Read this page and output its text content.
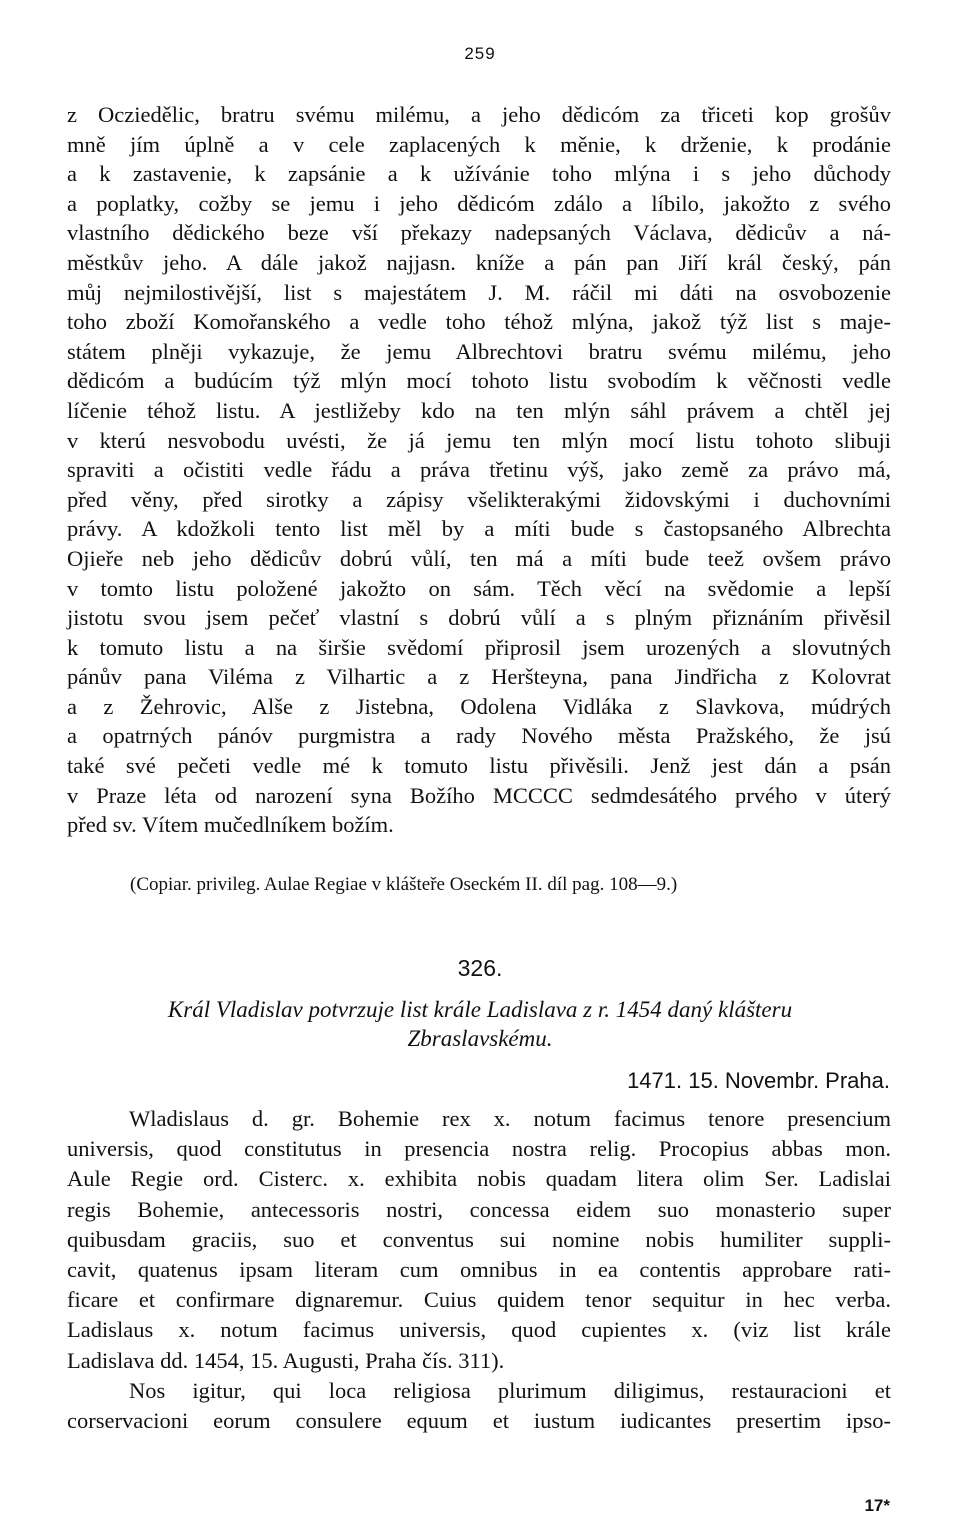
259
z Ocziedělic, bratru svému milému, a jeho dědicóm za třiceti kop grošův
mně jím úplně a v cele zaplacených k měnie, k drženie, k prodánie
a k zastavenie, k zapsánie a k užívánie toho mlýna i s jeho důchody
a poplatky, cožby se jemu i jeho dědicóm zdálo a líbilo, jakožto z svého
vlastního dědického beze vší překazy nadepsaných Václava, dědicův a ná-
městkův jeho. A dále jakož najjasn. kníže a pán pan Jiří král český, pán
můj nejmilostivější, list s majestátem J. M. ráčil mi dáti na osvobozenie
toho zboží Komořanského a vedle toho téhož mlýna, jakož týž list s maje-
státem plněji vykazuje, že jemu Albrechtovi bratru svému milému, jeho
dědicóm a budúcím týž mlýn mocí tohoto listu svobodím k věčnosti vedle
líčenie téhož listu. A jestližeby kdo na ten mlýn sáhl právem a chtěl jej
v kterú nesvobodu uvésti, že já jemu ten mlýn mocí listu tohoto slibuji
spraviti a očistiti vedle řádu a práva třetinu výš, jako země za právo má,
před věny, před sirotky a zápisy všelikterakými židovskými i duchovními
právy. A kdožkoli tento list měl by a míti bude s častopsaného Albrechta
Ojieře neb jeho dědicův dobrú vůlí, ten má a míti bude teež ovšem právo
v tomto listu položené jakožto on sám. Těch věcí na svědomie a lepší
jistotu svou jsem pečeť vlastní s dobrú vůlí a s plným přiznáním přivěsil
k tomuto listu a na širšie svědomí připrosil jsem urozených a slovutných
pánův pana Viléma z Vilhartic a z Heršteyna, pana Jindřicha z Kolovrat
a z Žehrovic, Alše z Jistebna, Odolena Vidláka z Slavkova, múdrých
a opatrných pánóv purgmistra a rady Nového města Pražského, že jsú
také své pečeti vedle mé k tomuto listu přivěsili. Jenž jest dán a psán
v Praze léta od narození syna Božího MCCCC sedmdesátého prvého v úterý
před sv. Vítem mučedlníkem božím.
(Copiar. privileg. Aulae Regiae v klášteře Oseckém II. díl pag. 108—9.)
326.
Král Vladislav potvrzuje list krále Ladislava z r. 1454 daný klášteru
Zbraslavskému.
1471. 15. Novembr. Praha.
Wladislaus d. gr. Bohemie rex x. notum facimus tenore presencium
universis, quod constitutus in presencia nostra relig. Procopius abbas mon.
Aule Regie ord. Cisterc. x. exhibita nobis quadam litera olim Ser. Ladislai
regis Bohemie, antecessoris nostri, concessa eidem suo monasterio super
quibusdam graciis, suo et conventus sui nomine nobis humiliter suppli-
cavit, quatenus ipsam literam cum omnibus in ea contentis approbare rati-
ficare et confirmare dignaremur. Cuius quidem tenor sequitur in hec verba.
Ladislaus x. notum facimus universis, quod cupientes x. (viz list krále
Ladislava dd. 1454, 15. Augusti, Praha čís. 311).
Nos igitur, qui loca religiosa plurimum diligimus, restauracioni et
corservacioni eorum consulere equum et iustum iudicantes presertim ipso-
17*
